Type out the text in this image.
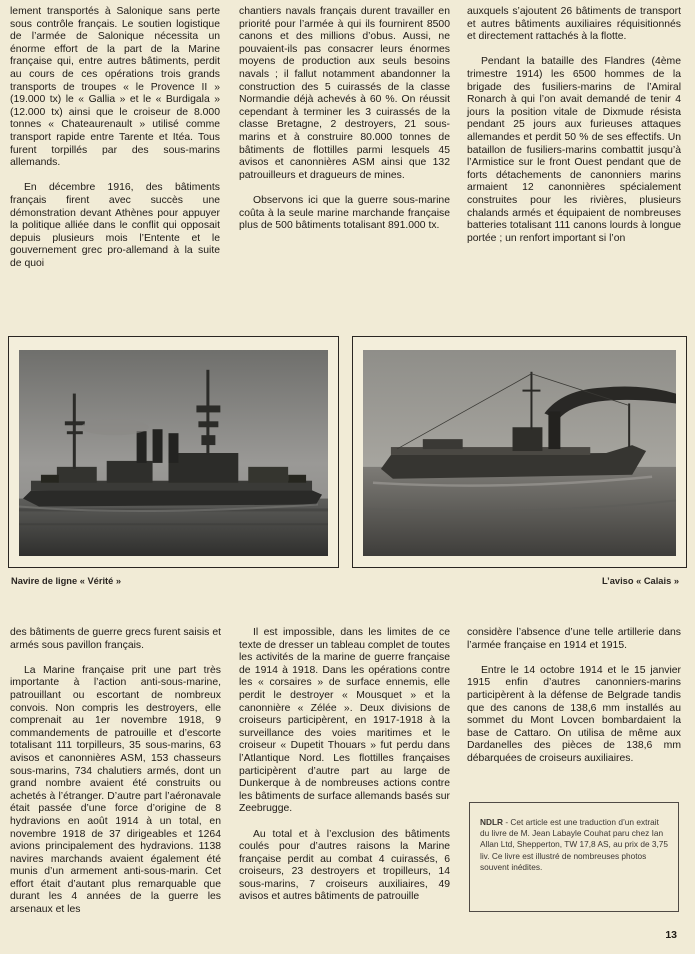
lement transportés à Salonique sans perte sous contrôle français. Le soutien logistique de l’armée de Salonique nécessita un énorme effort de la part de la Marine française qui, entre autres bâtiments, perdit au cours de ces opérations trois grands transports de troupes « le Provence II » (19.000 tx) le « Gallia » et le « Burdigala » (12.000 tx) ainsi que le croiseur de 8.000 tonnes « Chateaurenault » utilisé comme transport rapide entre Tarente et Itéa. Tous furent torpillés par des sous-marins allemands.

En décembre 1916, des bâtiments français firent avec succès une démonstration devant Athènes pour appuyer la politique alliée dans le conflit qui opposait depuis plusieurs mois l’Entente et le gouvernement grec pro-allemand à la suite de quoi

chantiers navals français durent travailler en priorité pour l’armée à qui ils fournirent 8500 canons et des millions d’obus. Aussi, ne pouvaient-ils pas consacrer leurs énormes moyens de production aux seuls besoins navals ; il fallut notamment abandonner la construction des 5 cuirassés de la classe Normandie déjà achevés à 60 %. On réussit cependant à terminer les 3 cuirassés de la classe Bretagne, 2 destroyers, 21 sous-marins et à construire 80.000 tonnes de bâtiments de flottilles parmi lesquels 45 avisos et canonnières ASM ainsi que 132 patrouilleurs et dragueurs de mines.

Observons ici que la guerre sous-marine coûta à la seule marine marchande française plus de 500 bâtiments totalisant 891.000 tx.

auxquels s’ajoutent 26 bâtiments de transport et autres bâtiments auxiliaires réquisitionnés et directement rattachés à la flotte.

Pendant la bataille des Flandres (4ème trimestre 1914) les 6500 hommes de la brigade des fusiliers-marins de l’Amiral Ronarch à qui l’on avait demandé de tenir 4 jours la position vitale de Dixmude résista pendant 25 jours aux furieuses attaques allemandes et perdit 50 % de ses effectifs. Un bataillon de fusiliers-marins combattit jusqu’à l’Armistice sur le front Ouest pendant que de forts détachements de canonniers marins armaient 12 canonnières spécialement construites pour les rivières, plusieurs chalands armés et équipaient de nombreuses batteries totalisant 111 canons lourds à longue portée ; un renfort important si l’on

Navire de ligne « Vérité »	L’aviso « Calais »

des bâtiments de guerre grecs furent saisis et armés sous pavillon français.

La Marine française prit une part très importante à l’action anti-sous-marine, patrouillant ou escortant de nombreux convois. Non compris les destroyers, elle comprenait au 1er novembre 1918, 9 commandements de patrouille et d’escorte totalisant 111 torpilleurs, 35 sous-marins, 63 avisos et canonnières ASM, 153 chasseurs sous-marins, 734 chalutiers armés, dont un grand nombre avaient été construits ou achetés à l’étranger. D’autre part l’aéronavale était passée d’une force d’origine de 8 hydravions en août 1914 à un total, en novembre 1918 de 37 dirigeables et 1264 avions principalement des hydravions. 1138 navires marchands avaient également été munis d’un armement anti-sous-marin. Cet effort était d’autant plus remarquable que durant les 4 années de la guerre les arsenaux et les

Il est impossible, dans les limites de ce texte de dresser un tableau complet de toutes les activités de la marine de guerre française de 1914 à 1918. Dans les opérations contre les « corsaires » de surface ennemis, elle perdit le destroyer « Mousquet » et la canonnière « Zélée ». Deux divisions de croiseurs participèrent, en 1917-1918 à la surveillance des voies maritimes et le croiseur « Dupetit Thouars » fut perdu dans l’Atlantique Nord. Les flottilles françaises participèrent d’autre part au large de Dunkerque à de nombreuses actions contre les bâtiments de surface allemands basés sur Zeebrugge.

Au total et à l’exclusion des bâtiments coulés pour d’autres raisons la Marine française perdit au combat 4 cuirassés, 6 croiseurs, 23 destroyers et tropilleurs, 14 sous-marins, 7 croiseurs auxiliaires, 49 avisos et autres bâtiments de patrouille

considère l’absence d’une telle artillerie dans l’armée française en 1914 et 1915.

Entre le 14 octobre 1914 et le 15 janvier 1915 enfin d’autres canonniers-marins participèrent à la défense de Belgrade tandis que des canons de 138,6 mm installés au sommet du Mont Lovcen bombardaient la base de Cattaro. On utilisa de même aux Dardanelles des pièces de 138,6 mm débarquées de croiseurs auxiliaires.

NDLR - Cet article est une traduction d’un extrait du livre de M. Jean Labayle Couhat paru chez Ian Allan Ltd, Shepperton, TW 17,8 AS, au prix de 3,75 liv. Ce livre est illustré de nombreuses photos souvent inédites.
13
